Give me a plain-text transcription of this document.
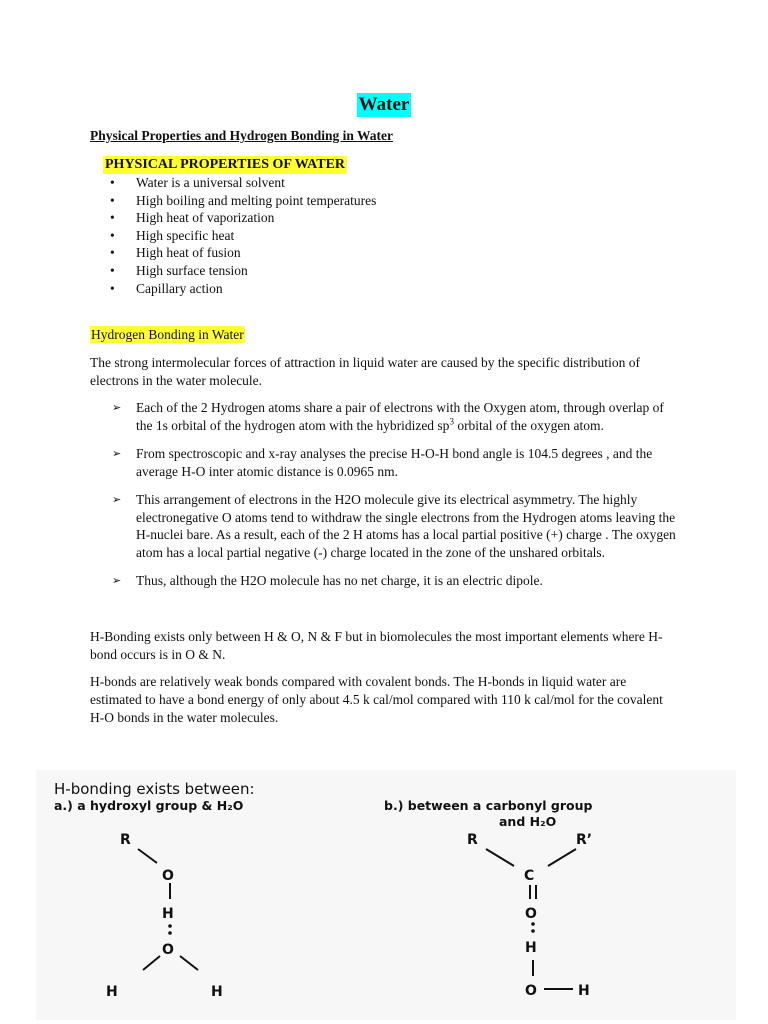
Water
Physical Properties and Hydrogen Bonding in Water
PHYSICAL PROPERTIES OF WATER
•	Water is a universal solvent
•	High boiling and melting point temperatures
•	High heat of vaporization
•	High specific heat
•	High heat of fusion
•	High surface tension
•	Capillary action
Hydrogen Bonding in Water

The strong intermolecular forces of attraction in liquid water are caused by the specific distribution of electrons in the water molecule.

➢	Each of the 2 Hydrogen atoms share a pair of electrons with the Oxygen atom, through overlap of the 1s orbital of the hydrogen atom with the hybridized $sp^3$ orbital of the oxygen atom.
➢	From spectroscopic and x-ray analyses the precise H-O-H bond angle is 104.5 degrees , and the average H-O inter atomic distance is 0.0965 nm.
➢	This arrangement of electrons in the H2O molecule give its electrical asymmetry. The highly electronegative O atoms tend to withdraw the single electrons from the Hydrogen atoms leaving the H-nuclei bare. As a result, each of the 2 H atoms has a local partial positive (+) charge . The oxygen atom has a local partial negative (-) charge located in the zone of the unshared orbitals.
➢	Thus, although the H2O molecule has no net charge, it is an electric dipole.

H-Bonding exists only between H & O, N & F but in biomolecules the most important elements where H-bond occurs is in O & N.

H-bonds are relatively weak bonds compared with covalent bonds. The H-bonds in liquid water are estimated to have a bond energy of only about 4.5 k cal/mol compared with 110 k cal/mol for the covalent H-O bonds in the water molecules.

H-bonding exists between:
a.) a hydroxyl group & H₂O	b.) between a carbonyl group
and H₂O
R
O
H
O
H	H
R	R’
C
O
H
O	H
